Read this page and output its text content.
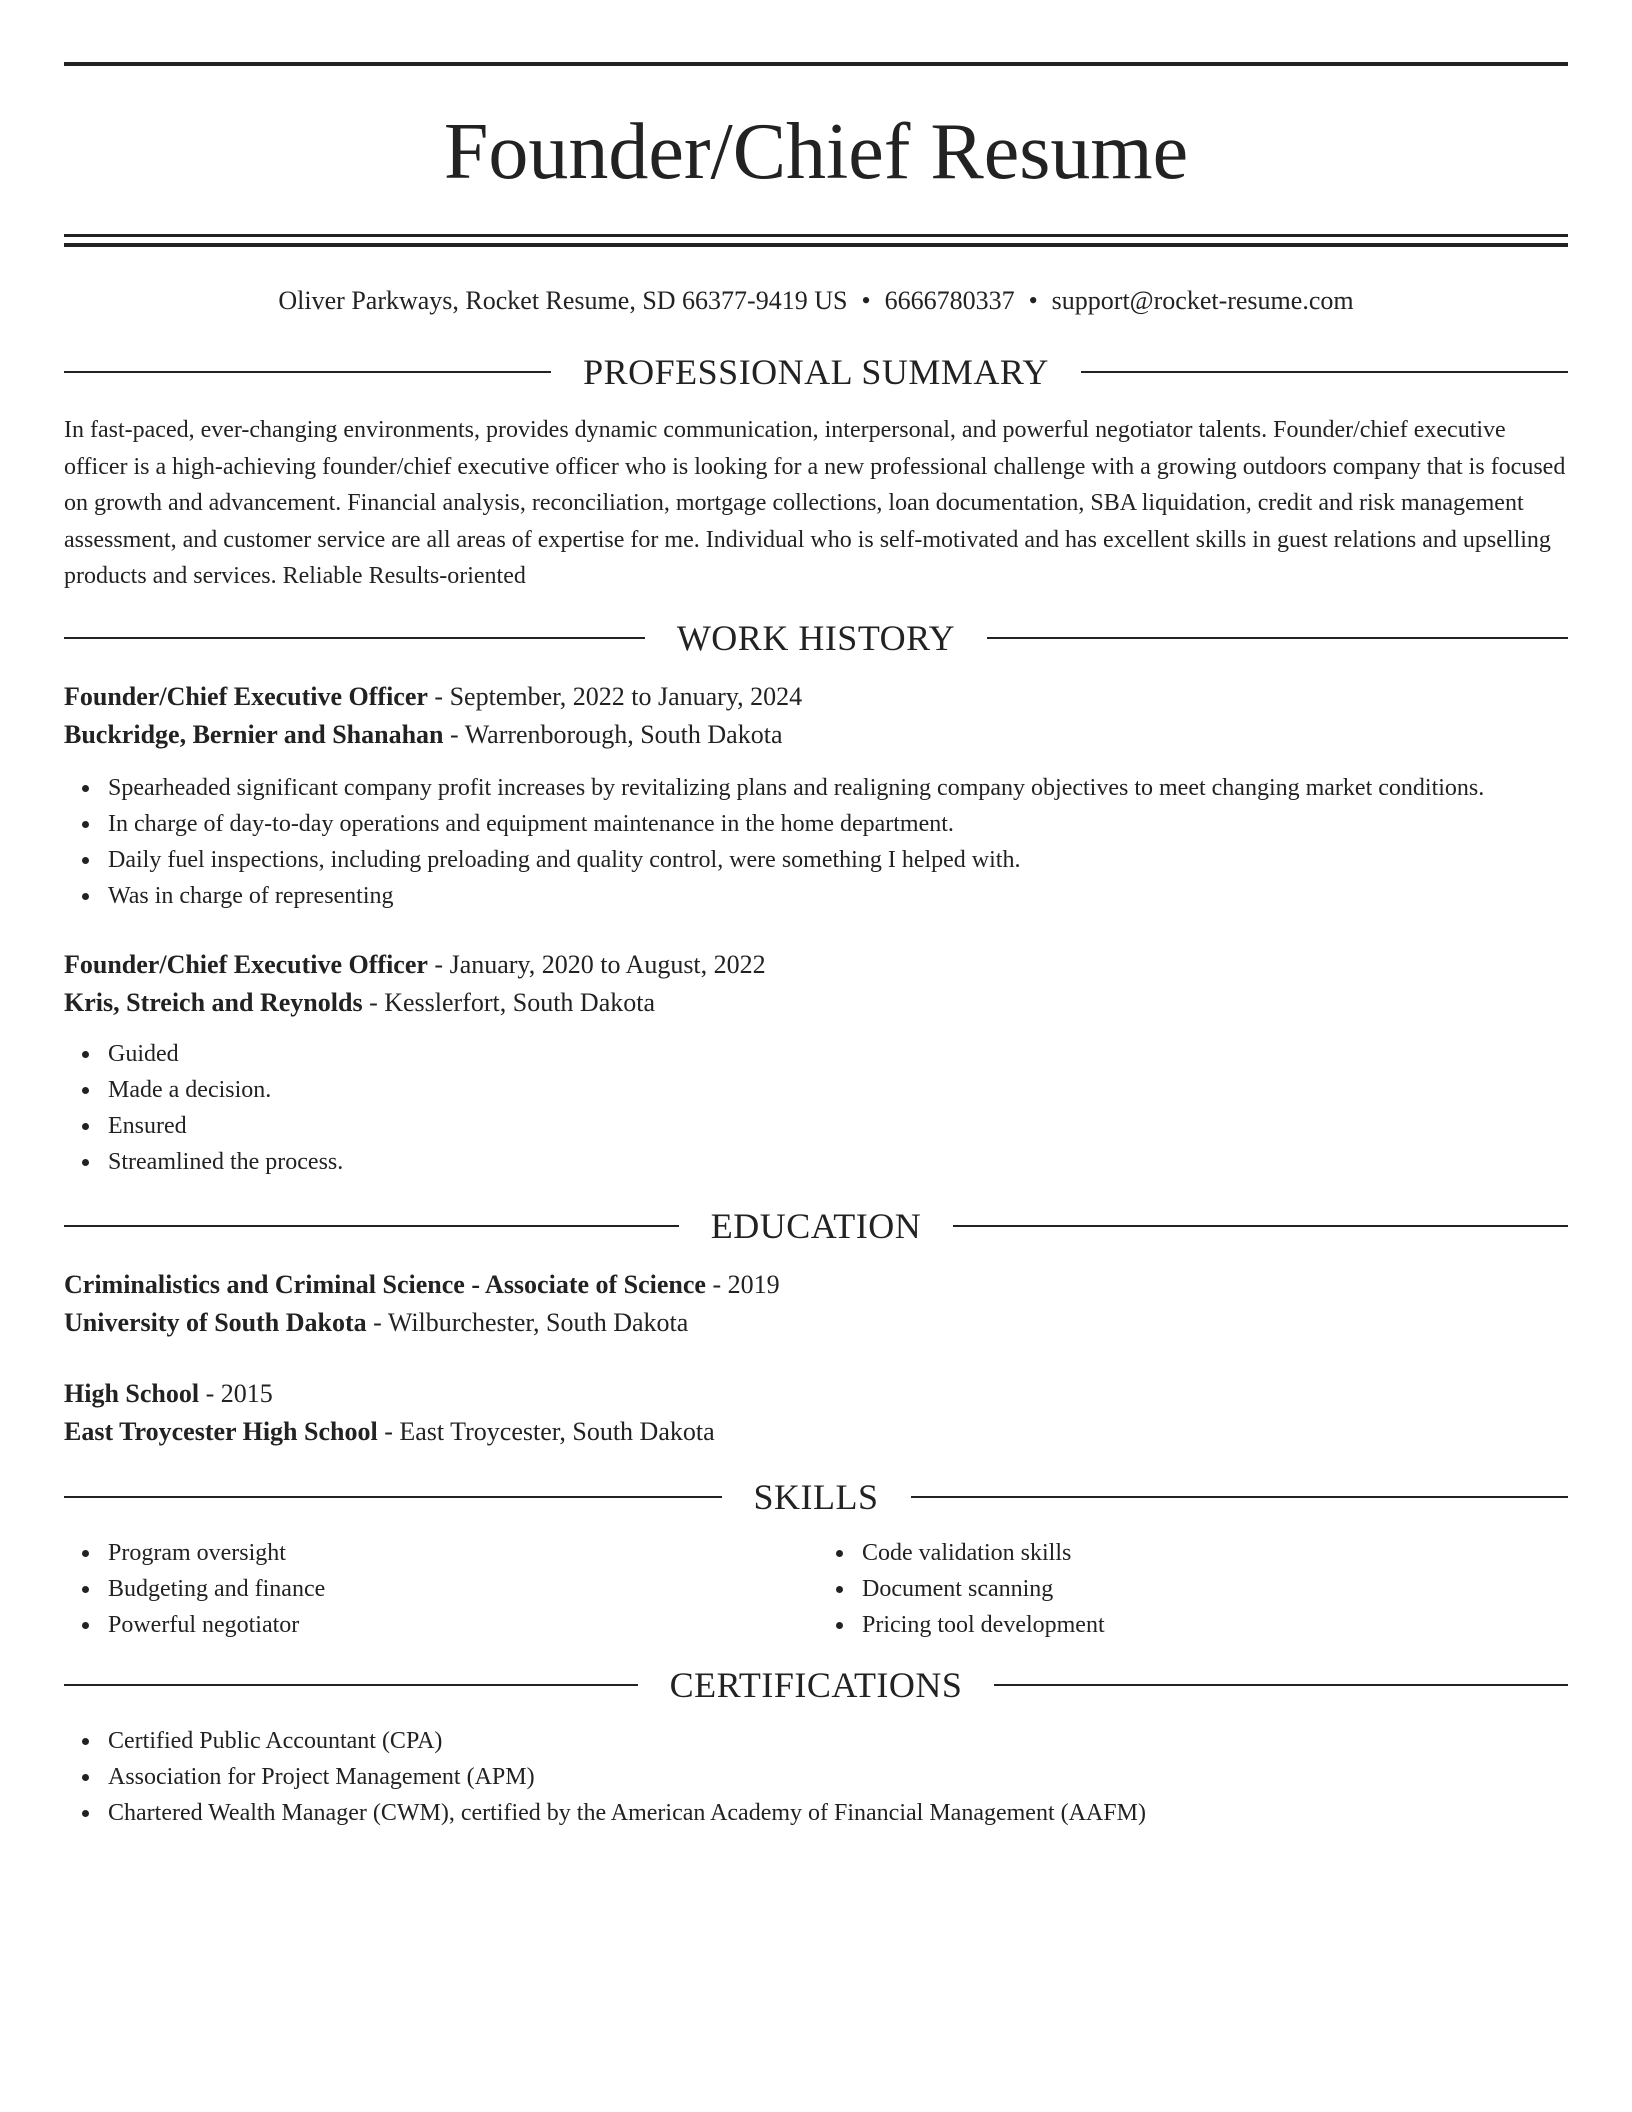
Founder/Chief Resume
Oliver Parkways, Rocket Resume, SD 66377-9419 US • 6666780337 • support@rocket-resume.com
PROFESSIONAL SUMMARY
In fast-paced, ever-changing environments, provides dynamic communication, interpersonal, and powerful negotiator talents. Founder/chief executive officer is a high-achieving founder/chief executive officer who is looking for a new professional challenge with a growing outdoors company that is focused on growth and advancement. Financial analysis, reconciliation, mortgage collections, loan documentation, SBA liquidation, credit and risk management assessment, and customer service are all areas of expertise for me. Individual who is self-motivated and has excellent skills in guest relations and upselling products and services. Reliable Results-oriented
WORK HISTORY
Founder/Chief Executive Officer - September, 2022 to January, 2024
Buckridge, Bernier and Shanahan - Warrenborough, South Dakota
Spearheaded significant company profit increases by revitalizing plans and realigning company objectives to meet changing market conditions.
In charge of day-to-day operations and equipment maintenance in the home department.
Daily fuel inspections, including preloading and quality control, were something I helped with.
Was in charge of representing
Founder/Chief Executive Officer - January, 2020 to August, 2022
Kris, Streich and Reynolds - Kesslerfort, South Dakota
Guided
Made a decision.
Ensured
Streamlined the process.
EDUCATION
Criminalistics and Criminal Science - Associate of Science - 2019
University of South Dakota - Wilburchester, South Dakota
High School - 2015
East Troycester High School - East Troycester, South Dakota
SKILLS
Program oversight
Budgeting and finance
Powerful negotiator
Code validation skills
Document scanning
Pricing tool development
CERTIFICATIONS
Certified Public Accountant (CPA)
Association for Project Management (APM)
Chartered Wealth Manager (CWM), certified by the American Academy of Financial Management (AAFM)
